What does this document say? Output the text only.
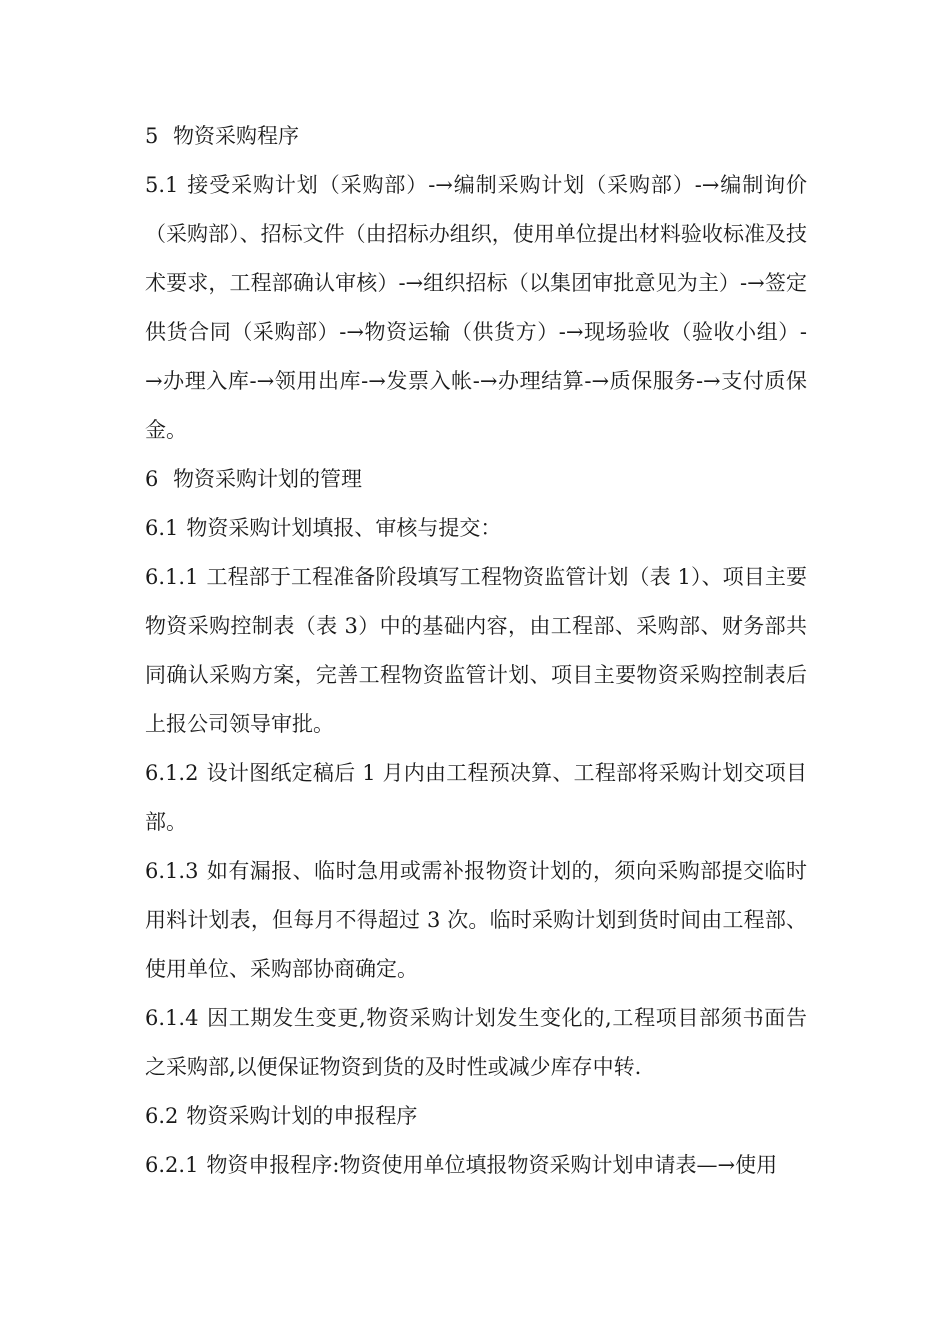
5 物资采购程序

5.1 接受采购计划（采购部）-→编制采购计划（采购部）-→编制询价（采购部）、招标文件（由招标办组织，使用单位提出材料验收标准及技术要求，工程部确认审核）-→组织招标（以集团审批意见为主）-→签定供货合同（采购部）-→物资运输（供货方）-→现场验收（验收小组）-→办理入库-→领用出库-→发票入帐-→办理结算-→质保服务-→支付质保金。

6 物资采购计划的管理

6.1 物资采购计划填报、审核与提交：

6.1.1 工程部于工程准备阶段填写工程物资监管计划（表 1）、项目主要物资采购控制表（表 3）中的基础内容，由工程部、采购部、财务部共同确认采购方案，完善工程物资监管计划、项目主要物资采购控制表后上报公司领导审批。

6.1.2 设计图纸定稿后 1 月内由工程预决算、工程部将采购计划交项目部。

6.1.3 如有漏报、临时急用或需补报物资计划的，须向采购部提交临时用料计划表，但每月不得超过 3 次。临时采购计划到货时间由工程部、使用单位、采购部协商确定。

6.1.4 因工期发生变更,物资采购计划发生变化的,工程项目部须书面告之采购部,以便保证物资到货的及时性或减少库存中转.

6.2 物资采购计划的申报程序

6.2.1 物资申报程序:物资使用单位填报物资采购计划申请表—→使用
